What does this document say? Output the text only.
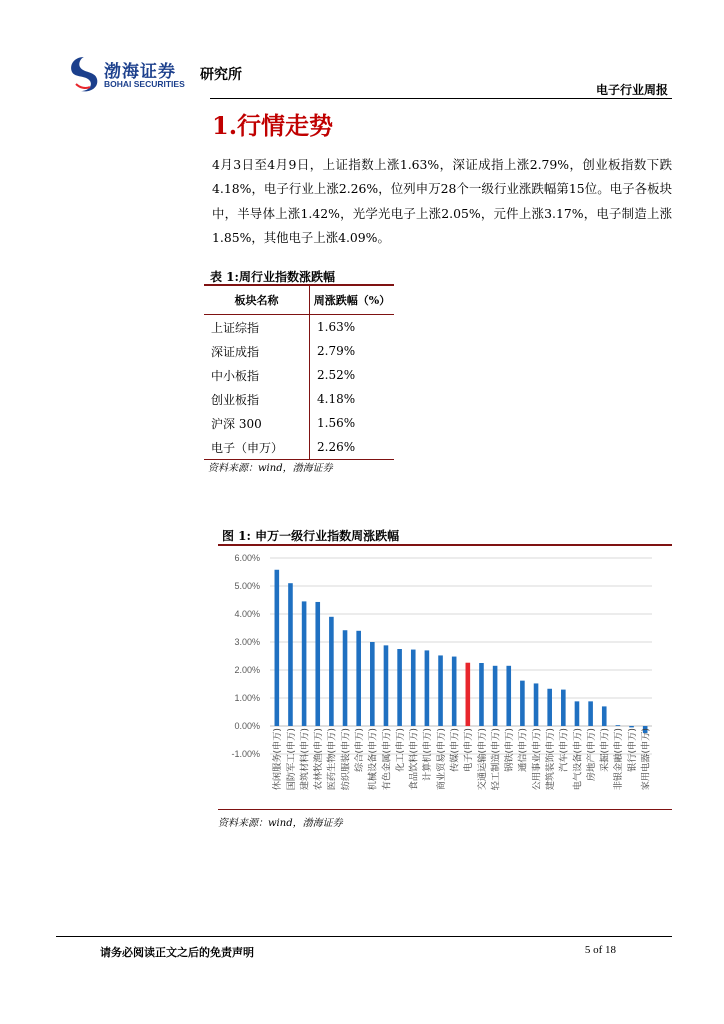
渤海证券
BOHAI SECURITIES
研究所
电子行业周报
1.行情走势
4月3日至4月9日，上证指数上涨1.63%，深证成指上涨2.79%，创业板指数下跌4.18%，电子行业上涨2.26%，位列申万28个一级行业涨跌幅第15位。电子各板块中，半导体上涨1.42%，光学光电子上涨2.05%，元件上涨3.17%，电子制造上涨1.85%，其他电子上涨4.09%。
表 1:周行业指数涨跌幅
板块名称	周涨跌幅（%）
上证综指	1.63%
深证成指	2.79%
中小板指	2.52%
创业板指	4.18%
沪深 300	1.56%
电子（申万）	2.26%
资料来源：wind，渤海证券
图 1: 申万一级行业指数周涨跌幅
-1.00%
0.00%
1.00%
2.00%
3.00%
4.00%
5.00%
6.00%
休闲服务(申万) 国防军工(申万) 建筑材料(申万) 农林牧渔(申万) 医药生物(申万) 纺织服装(申万) 综合(申万) 机械设备(申万) 有色金属(申万) 化工(申万) 食品饮料(申万) 计算机(申万) 商业贸易(申万) 传媒(申万) 电子(申万) 交通运输(申万) 轻工制造(申万) 钢铁(申万) 通信(申万) 公用事业(申万) 建筑装饰(申万) 汽车(申万) 电气设备(申万) 房地产(申万) 采掘(申万) 非银金融(申万) 银行(申万) 家用电器(申万)
资料来源：wind，渤海证券
请务必阅读正文之后的免责声明	5 of 18
